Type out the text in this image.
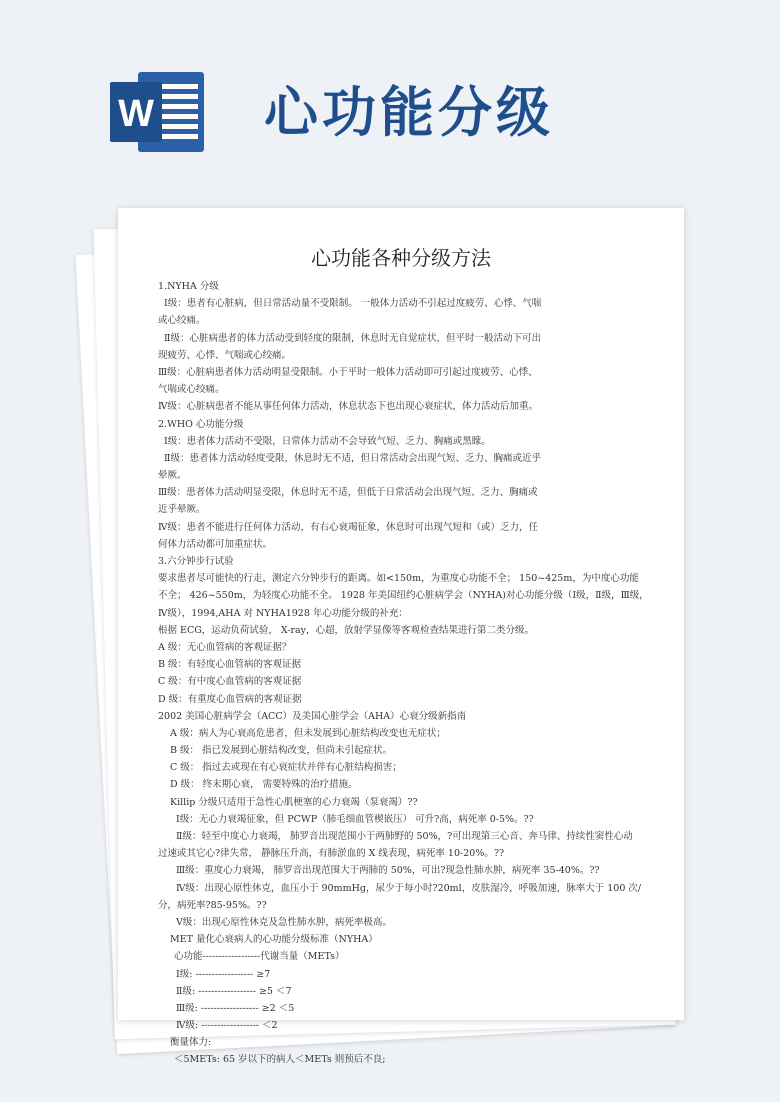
W 心功能分级
心功能各种分级方法
1.NYHA 分级
Ⅰ级：患者有心脏病，但日常活动量不受限制。 一般体力活动不引起过度疲劳、心悸、气喘
或心绞痛。
Ⅱ级：心脏病患者的体力活动受到轻度的限制，休息时无自觉症状，但平时一般活动下可出
现疲劳、心悸、气喘或心绞痛。
Ⅲ级：心脏病患者体力活动明显受限制。小于平时一般体力活动即可引起过度疲劳、心悸、
气喘或心绞痛。
Ⅳ级：心脏病患者不能从事任何体力活动，休息状态下也出现心衰症状，体力活动后加重。
2.WHO 心功能分级
Ⅰ级：患者体力活动不受限，日常体力活动不会导致气短、乏力、胸痛或黑矇。
Ⅱ级：患者体力活动轻度受限，休息时无不适，但日常活动会出现气短、乏力、胸痛或近乎
晕厥。
Ⅲ级：患者体力活动明显受限，休息时无不适，但低于日常活动会出现气短、乏力、胸痛或
近乎晕厥。
Ⅳ级：患者不能进行任何体力活动，有右心衰竭征象，休息时可出现气短和（或）乏力，任
何体力活动都可加重症状。
3.六分钟步行试验
要求患者尽可能快的行走，测定六分钟步行的距离。如<150m，为重度心功能不全； 150~425m，为中度心功能
不全； 426~550m，为轻度心功能不全。 1928 年美国纽约心脏病学会（NYHA)对心功能分级（Ⅰ级，Ⅱ级，Ⅲ级，
Ⅳ级），1994,AHA 对 NYHA1928 年心功能分级的补充：
根据 ECG，运动负荷试验， X-ray，心超，放射学显像等客观检查结果进行第二类分级。
A 级：无心血管病的客观证据？
B 级：有轻度心血管病的客观证据
C 级：有中度心血管病的客观证据
D 级：有重度心血管病的客观证据
2002 美国心脏病学会（ACC）及美国心脏学会（AHA）心衰分级新指南
A 级：病人为心衰高危患者，但未发展到心脏结构改变也无症状；
B 级： 指已发展到心脏结构改变，但尚未引起症状。
C 级： 指过去或现在有心衰症状并伴有心脏结构损害；
D 级： 终末期心衰， 需要特殊的治疗措施。
Killip 分级只适用于急性心肌梗塞的心力衰竭（泵衰竭）??
Ⅰ级：无心力衰竭征象，但 PCWP（肺毛细血管楔嵌压） 可升?高，病死率 0-5%。??
Ⅱ级：轻至中度心力衰竭， 肺罗音出现范围小于两肺野的 50%，?可出现第三心音、奔马律、持续性窦性心动
过速或其它心?律失常， 静脉压升高，有肺淤血的 X 线表现，病死率 10-20%。??
Ⅲ级：重度心力衰竭， 肺罗音出现范围大于两肺的 50%，可出?现急性肺水肿，病死率 35-40%。??
Ⅳ级：出现心原性休克，血压小于 90mmHg，尿少于每小时?20ml，皮肤湿冷，呼吸加速，脉率大于 100 次/
分，病死率?85-95%。??
Ⅴ级：出现心原性休克及急性肺水肿，病死率极高。
MET 量化心衰病人的心功能分级标准（NYHA）
心功能------------------代谢当量（METs）
Ⅰ级: ------------------ ≥7
Ⅱ级: ------------------ ≥5 ＜7
Ⅲ级: ------------------ ≥2 ＜5
Ⅳ级: ------------------ ＜2
衡量体力:
＜5METs: 65 岁以下的病人＜METs 则预后不良;
